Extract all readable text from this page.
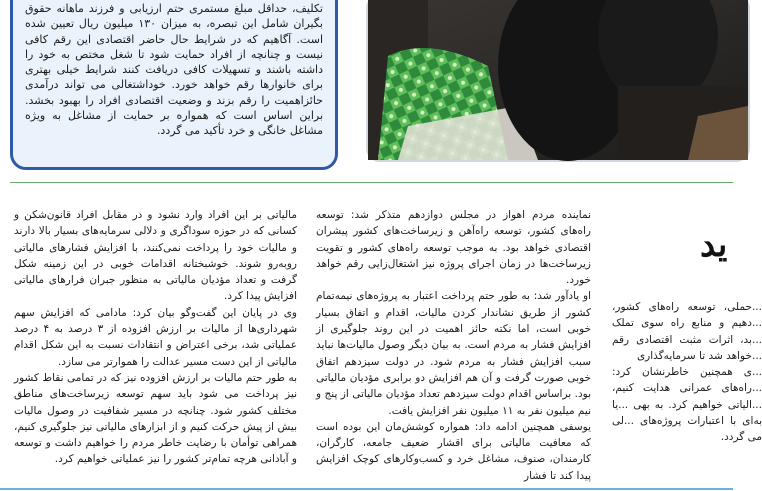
تکلیف، حداقل مبلغ مستمری حتم ارزیابی و فرزند ماهانه حقوق بگیران شامل این تبصره، به میزان ۱۳۰ میلیون ریال تعیین شده است. آگاهیم که در شرایط حال حاضر اقتصادی این رقم کافی نیست و چنانچه از افراد حمایت شود تا شغل مختص به خود را داشته باشند و تسهیلات کافی دریافت کنند شرایط خیلی بهتری برای خانوارها رقم خواهد خورد. خوداشتغالی می تواند درآمدی حائزاهمیت را رقم بزند و وضعیت اقتصادی افراد را بهبود بخشد. براین اساس است که همواره بر حمایت از مشاغل به ویژه مشاغل خانگی و خرد تأکید می گردد.

نماینده مردم اهواز در مجلس دوازدهم متذکر شد: توسعه راه‌های کشور، توسعه راه‌آهن و زیرساخت‌های کشور پیشران اقتصادی خواهد بود. به موجب توسعه راه‌های کشور و تقویت زیرساخت‌ها در زمان اجرای پروژه نیز اشتغال‌زایی رقم خواهد خورد.

او یادآور شد: به طور حتم پرداخت اعتبار به پروژه‌های نیمه‌تمام کشور از طریق نشاندار کردن مالیات، اقدام و اتفاق بسیار خوبی است، اما نکته حائز اهمیت در این روند جلوگیری از افزایش فشار به مردم است. به بیان دیگر وصول مالیات‌ها نباید سبب افزایش فشار به مردم شود. در دولت سیزدهم اتفاق خوبی صورت گرفت و آن هم افزایش دو برابری مؤدیان مالیاتی بود. براساس اقدام دولت سیزدهم تعداد مؤدیان مالیاتی از پنج و نیم میلیون نفر به ۱۱ میلیون نفر افزایش یافت.

یوسفی همچنین ادامه داد: همواره کوشش‌مان این بوده است که معافیت مالیاتی برای اقشار ضعیف جامعه، کارگران، کارمندان، صنوف، مشاغل خرد و کسب‌وکارهای کوچک افزایش پیدا کند تا فشار

مالیاتی بر این افراد وارد نشود و در مقابل افراد قانون‌شکن و کسانی که در حوزه سوداگری و دلالی سرمایه‌های بسیار بالا دارند و مالیات خود را پرداخت نمی‌کنند، با افزایش فشارهای مالیاتی روبه‌رو شوند. خوشبختانه اقدامات خوبی در این زمینه شکل گرفت و تعداد مؤدیان مالیاتی به منظور جبران فرارهای مالیاتی افزایش پیدا کرد.

وی در پایان این گفت‌وگو بیان کرد: مادامی که افزایش سهم شهرداری‌ها از مالیات بر ارزش افزوده از ۳ درصد به ۴ درصد عملیاتی شد، برخی اعتراض و انتقادات نسبت به این شکل اقدام مالیاتی از این دست مسیر عدالت را هموارتر می سازد.

به طور حتم مالیات بر ارزش افزوده نیز که در تمامی نقاط کشور نیز پرداخت می شود باید سهم توسعه زیرساخت‌های مناطق مختلف کشور شود. چنانچه در مسیر شفافیت در وصول مالیات بیش از پیش حرکت کنیم و از ابزارهای مالیاتی نیز جلوگیری کنیم، همراهی توأمان با رضایت خاطر مردم را خواهیم داشت و توسعه و آبادانی هرچه تمام‌تر کشور را نیز عملیاتی خواهیم کرد.

ید

...حملی، توسعه راه‌های کشور، ...دهیم و منابع راه سوی تملک ...بد، اثرات مثبت اقتصادی رقم ...خواهد شد تا سرمایه‌گذاری

...ی همچنین خاطرنشان کرد: ...راه‌های عمرانی هدایت کنیم، ...الیاتی خواهیم کرد. به بهی ...یا به‌ای با اعتبارات پروژه‌های ...لی می گردد.
